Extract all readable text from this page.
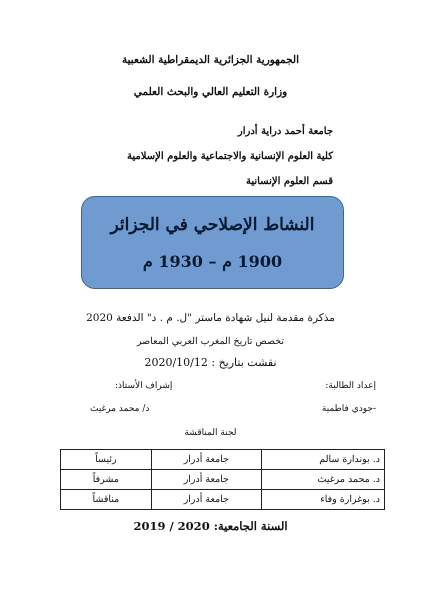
الجمهورية الجزائرية الديمقراطية الشعبية
وزارة التعليم العالي والبحث العلمي
جامعة أحمد دراية أدرار
كلية العلوم الإنسانية والاجتماعية والعلوم الإسلامية
قسم العلوم الإنسانية
النشاط الإصلاحي في الجزائر
1900 م – 1930 م
مذكرة مقدمة لنيل شهادة ماستر "ل. م . د" الدفعة 2020
تخصص تاريخ المغرب العربي المعاصر
نقشت بتاريخ : 2020/10/12
إعداد الطالبة:
إشراف الأستاذ:
-جودي فاطمية
د/ محمد مرغيث
لجنة المناقشة
د. بوندارة سالم	جامعة أدرار	رئيساً
د. محمد مرغيث	جامعة أدرار	مشرفاً
د. بوغرارة وفاء	جامعة أدرار	مناقشاً
السنة الجامعية: 2019 / 2020
